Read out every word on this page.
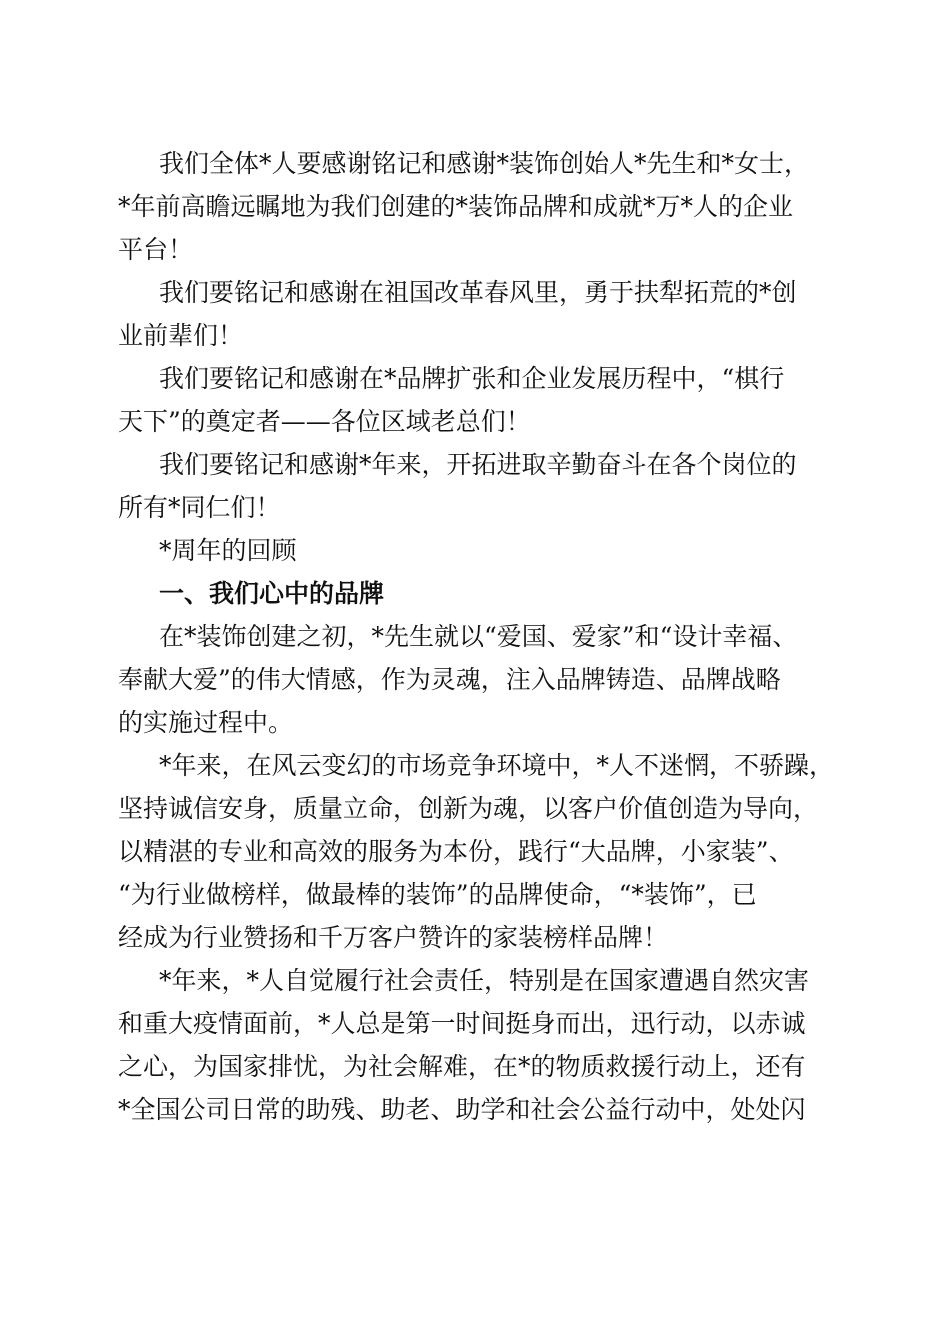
我们全体*人要感谢铭记和感谢*装饰创始人*先生和*女士，
*年前高瞻远瞩地为我们创建的*装饰品牌和成就*万*人的企业
平台！
我们要铭记和感谢在祖国改革春风里，勇于扶犁拓荒的*创
业前辈们！
我们要铭记和感谢在*品牌扩张和企业发展历程中，“棋行
天下”的奠定者——各位区域老总们！
我们要铭记和感谢*年来，开拓进取辛勤奋斗在各个岗位的
所有*同仁们！
*周年的回顾
一、我们心中的品牌
在*装饰创建之初，*先生就以“爱国、爱家”和“设计幸福、
奉献大爱”的伟大情感，作为灵魂，注入品牌铸造、品牌战略
的实施过程中。
*年来，在风云变幻的市场竞争环境中，*人不迷惘，不骄躁，
坚持诚信安身，质量立命，创新为魂，以客户价值创造为导向，
以精湛的专业和高效的服务为本份，践行“大品牌，小家装”、
“为行业做榜样，做最棒的装饰”的品牌使命，“*装饰”，已
经成为行业赞扬和千万客户赞许的家装榜样品牌！
*年来，*人自觉履行社会责任，特别是在国家遭遇自然灾害
和重大疫情面前，*人总是第一时间挺身而出，迅行动，以赤诚
之心，为国家排忧，为社会解难，在*的物质救援行动上，还有
*全国公司日常的助残、助老、助学和社会公益行动中，处处闪
